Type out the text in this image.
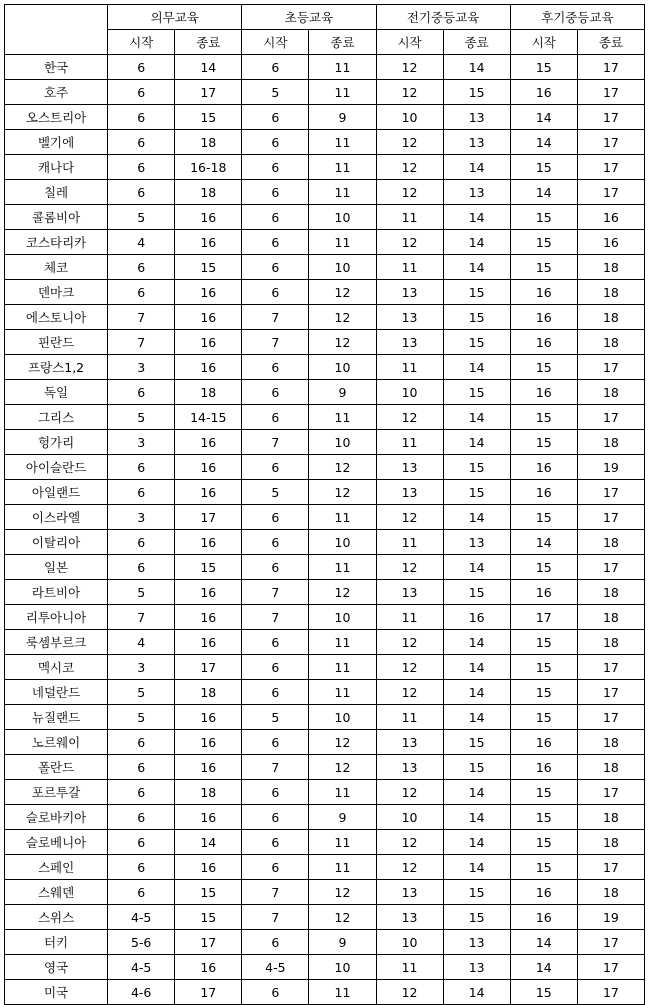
	의무교육		초등교육		전기중등교육		후기중등교육	
	시작	종료	시작	종료	시작	종료	시작	종료
한국	6	14	6	11	12	14	15	17
호주	6	17	5	11	12	15	16	17
오스트리아	6	15	6	9	10	13	14	17
벨기에	6	18	6	11	12	13	14	17
캐나다	6	16-18	6	11	12	14	15	17
칠레	6	18	6	11	12	13	14	17
콜롬비아	5	16	6	10	11	14	15	16
코스타리카	4	16	6	11	12	14	15	16
체코	6	15	6	10	11	14	15	18
덴마크	6	16	6	12	13	15	16	18
에스토니아	7	16	7	12	13	15	16	18
핀란드	7	16	7	12	13	15	16	18
프랑스1,2	3	16	6	10	11	14	15	17
독일	6	18	6	9	10	15	16	18
그리스	5	14-15	6	11	12	14	15	17
헝가리	3	16	7	10	11	14	15	18
아이슬란드	6	16	6	12	13	15	16	19
아일랜드	6	16	5	12	13	15	16	17
이스라엘	3	17	6	11	12	14	15	17
이탈리아	6	16	6	10	11	13	14	18
일본	6	15	6	11	12	14	15	17
라트비아	5	16	7	12	13	15	16	18
리투아니아	7	16	7	10	11	16	17	18
룩셈부르크	4	16	6	11	12	14	15	18
멕시코	3	17	6	11	12	14	15	17
네덜란드	5	18	6	11	12	14	15	17
뉴질랜드	5	16	5	10	11	14	15	17
노르웨이	6	16	6	12	13	15	16	18
폴란드	6	16	7	12	13	15	16	18
포르투갈	6	18	6	11	12	14	15	17
슬로바키아	6	16	6	9	10	14	15	18
슬로베니아	6	14	6	11	12	14	15	18
스페인	6	16	6	11	12	14	15	17
스웨덴	6	15	7	12	13	15	16	18
스위스	4-5	15	7	12	13	15	16	19
터키	5-6	17	6	9	10	13	14	17
영국	4-5	16	4-5	10	11	13	14	17
미국	4-6	17	6	11	12	14	15	17
